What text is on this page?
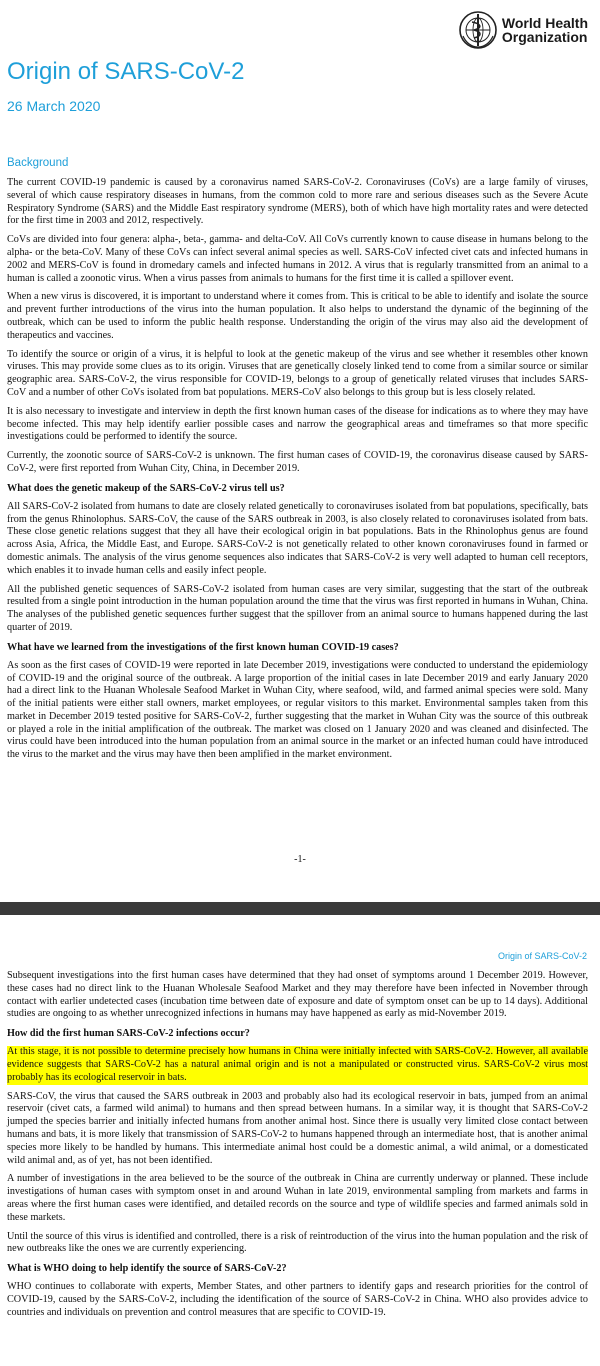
World Health
Organization
Origin of SARS-CoV-2
26 March 2020
Background

The current COVID-19 pandemic is caused by a coronavirus named SARS-CoV-2. Coronaviruses (CoVs) are a large family of viruses, several of which cause respiratory diseases in humans, from the common cold to more rare and serious diseases such as the Severe Acute Respiratory Syndrome (SARS) and the Middle East respiratory syndrome (MERS), both of which have high mortality rates and were detected for the first time in 2003 and 2012, respectively.

CoVs are divided into four genera: alpha-, beta-, gamma- and delta-CoV. All CoVs currently known to cause disease in humans belong to the alpha- or the beta-CoV. Many of these CoVs can infect several animal species as well. SARS-CoV infected civet cats and infected humans in 2002 and MERS-CoV is found in dromedary camels and infected humans in 2012. A virus that is regularly transmitted from an animal to a human is called a zoonotic virus. When a virus passes from animals to humans for the first time it is called a spillover event.

When a new virus is discovered, it is important to understand where it comes from. This is critical to be able to identify and isolate the source and prevent further introductions of the virus into the human population. It also helps to understand the dynamic of the beginning of the outbreak, which can be used to inform the public health response. Understanding the origin of the virus may also aid the development of therapeutics and vaccines.

To identify the source or origin of a virus, it is helpful to look at the genetic makeup of the virus and see whether it resembles other known viruses. This may provide some clues as to its origin. Viruses that are genetically closely linked tend to come from a similar source or similar geographic area. SARS-CoV-2, the virus responsible for COVID-19, belongs to a group of genetically related viruses that includes SARS-CoV and a number of other CoVs isolated from bat populations. MERS-CoV also belongs to this group but is less closely related.

It is also necessary to investigate and interview in depth the first known human cases of the disease for indications as to where they may have become infected. This may help identify earlier possible cases and narrow the geographical areas and timeframes so that more specific investigations could be performed to identify the source.

Currently, the zoonotic source of SARS-CoV-2 is unknown. The first human cases of COVID-19, the coronavirus disease caused by SARS-CoV-2, were first reported from Wuhan City, China, in December 2019.

What does the genetic makeup of the SARS-CoV-2 virus tell us?

All SARS-CoV-2 isolated from humans to date are closely related genetically to coronaviruses isolated from bat populations, specifically, bats from the genus Rhinolophus. SARS-CoV, the cause of the SARS outbreak in 2003, is also closely related to coronaviruses isolated from bats. These close genetic relations suggest that they all have their ecological origin in bat populations. Bats in the Rhinolophus genus are found across Asia, Africa, the Middle East, and Europe. SARS-CoV-2 is not genetically related to other known coronaviruses found in farmed or domestic animals. The analysis of the virus genome sequences also indicates that SARS-CoV-2 is very well adapted to human cell receptors, which enables it to invade human cells and easily infect people.

All the published genetic sequences of SARS-CoV-2 isolated from human cases are very similar, suggesting that the start of the outbreak resulted from a single point introduction in the human population around the time that the virus was first reported in humans in Wuhan, China. The analyses of the published genetic sequences further suggest that the spillover from an animal source to humans happened during the last quarter of 2019.

What have we learned from the investigations of the first known human COVID-19 cases?

As soon as the first cases of COVID-19 were reported in late December 2019, investigations were conducted to understand the epidemiology of COVID-19 and the original source of the outbreak. A large proportion of the initial cases in late December 2019 and early January 2020 had a direct link to the Huanan Wholesale Seafood Market in Wuhan City, where seafood, wild, and farmed animal species were sold. Many of the initial patients were either stall owners, market employees, or regular visitors to this market. Environmental samples taken from this market in December 2019 tested positive for SARS-CoV-2, further suggesting that the market in Wuhan City was the source of this outbreak or played a role in the initial amplification of the outbreak. The market was closed on 1 January 2020 and was cleaned and disinfected. The virus could have been introduced into the human population from an animal source in the market or an infected human could have introduced the virus to the market and the virus may have then been amplified in the market environment.

-1-
Origin of SARS-CoV-2

Subsequent investigations into the first human cases have determined that they had onset of symptoms around 1 December 2019. However, these cases had no direct link to the Huanan Wholesale Seafood Market and they may therefore have been infected in November through contact with earlier undetected cases (incubation time between date of exposure and date of symptom onset can be up to 14 days). Additional studies are ongoing to as whether unrecognized infections in humans may have happened as early as mid-November 2019.

How did the first human SARS-CoV-2 infections occur?

At this stage, it is not possible to determine precisely how humans in China were initially infected with SARS-CoV-2. However, all available evidence suggests that SARS-CoV-2 has a natural animal origin and is not a manipulated or constructed virus. SARS-CoV-2 virus most probably has its ecological reservoir in bats.

SARS-CoV, the virus that caused the SARS outbreak in 2003 and probably also had its ecological reservoir in bats, jumped from an animal reservoir (civet cats, a farmed wild animal) to humans and then spread between humans. In a similar way, it is thought that SARS-CoV-2 jumped the species barrier and initially infected humans from another animal host. Since there is usually very limited close contact between humans and bats, it is more likely that transmission of SARS-CoV-2 to humans happened through an intermediate host, that is another animal species more likely to be handled by humans. This intermediate animal host could be a domestic animal, a wild animal, or a domesticated wild animal and, as of yet, has not been identified.

A number of investigations in the area believed to be the source of the outbreak in China are currently underway or planned. These include investigations of human cases with symptom onset in and around Wuhan in late 2019, environmental sampling from markets and farms in areas where the first human cases were identified, and detailed records on the source and type of wildlife species and farmed animals sold in these markets.

Until the source of this virus is identified and controlled, there is a risk of reintroduction of the virus into the human population and the risk of new outbreaks like the ones we are currently experiencing.

What is WHO doing to help identify the source of SARS-CoV-2?

WHO continues to collaborate with experts, Member States, and other partners to identify gaps and research priorities for the control of COVID-19, caused by the SARS-CoV-2, including the identification of the source of SARS-CoV-2 in China. WHO also provides advice to countries and individuals on prevention and control measures that are specific to COVID-19.
